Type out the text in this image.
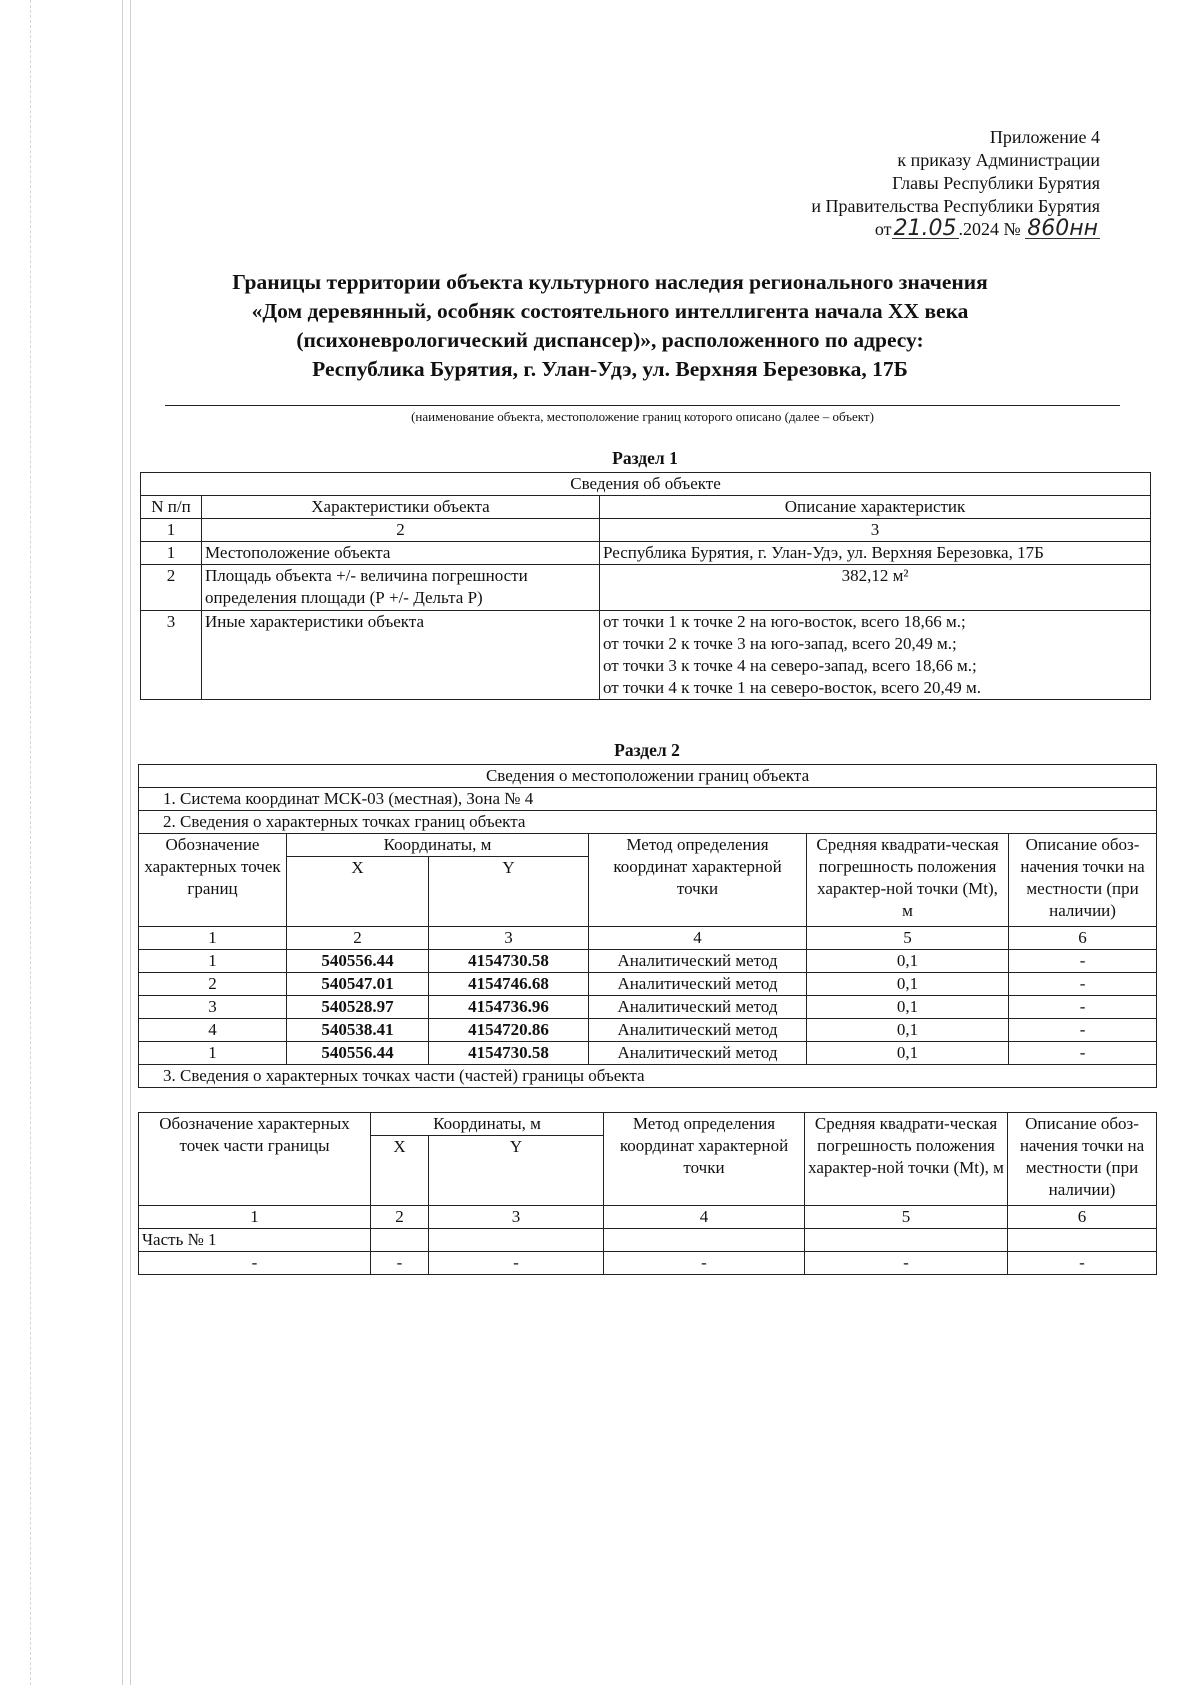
Приложение 4
к приказу Администрации
Главы Республики Бурятия
и Правительства Республики Бурятия
от21.05 .2024 № 860нн
Границы территории объекта культурного наследия регионального значения
«Дом деревянный, особняк состоятельного интеллигента начала XX века
(психоневрологический диспансер)», расположенного по адресу:
Республика Бурятия, г. Улан-Удэ, ул. Верхняя Березовка, 17Б
(наименование объекта, местоположение границ которого описано (далее – объект)
Раздел 1
Сведения об объекте		
N п/п	Характеристики объекта	Описание характеристик
1	2	3
1	Местоположение объекта	Республика Бурятия, г. Улан-Удэ, ул. Верхняя Березовка, 17Б
2	Площадь объекта +/- величина погрешности определения площади (Р +/- Дельта Р)	382,12 м²
3	Иные характеристики объекта	от точки 1 к точке 2 на юго-восток, всего 18,66 м.;
от точки 2 к точке 3 на юго-запад, всего 20,49 м.;
от точки 3 к точке 4 на северо-запад, всего 18,66 м.;
от точки 4 к точке 1 на северо-восток, всего 20,49 м.
Раздел 2
Сведения о местоположении границ объекта					
1. Система координат МСК-03 (местная), Зона № 4					
2. Сведения о характерных точках границ объекта					
Обозначение характерных точек границ	Координаты, м		Метод определения координат характерной точки	Средняя квадрати-ческая погрешность положения характер-ной точки (Mt), м	Описание обоз-начения точки на местности (при наличии)
	X	Y			
1	2	3	4	5	6
1	540556.44	4154730.58	Аналитический метод	0,1	-
2	540547.01	4154746.68	Аналитический метод	0,1	-
3	540528.97	4154736.96	Аналитический метод	0,1	-
4	540538.41	4154720.86	Аналитический метод	0,1	-
1	540556.44	4154730.58	Аналитический метод	0,1	-
3. Сведения о характерных точках части (частей) границы объекта					
Обозначение характерных точек части границы	Координаты, м		Метод определения координат характерной точки	Средняя квадрати-ческая погрешность положения характер-ной точки (Mt), м	Описание обоз-начения точки на местности (при наличии)
	X	Y			
1	2	3	4	5	6
Часть № 1					
-	-	-	-	-	-
